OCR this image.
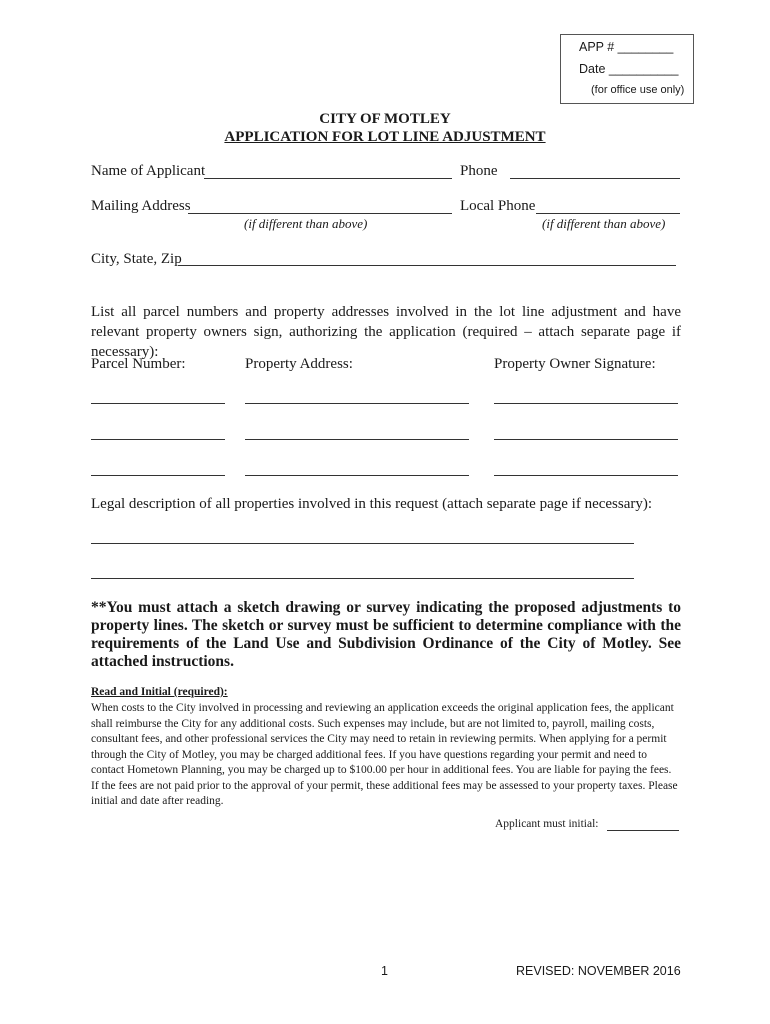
APP # ________
Date __________
(for office use only)
CITY OF MOTLEY
APPLICATION FOR LOT LINE ADJUSTMENT
Name of Applicant	Phone
Mailing Address	Local Phone
(if different than above)	(if different than above)
City, State, Zip
List all parcel numbers and property addresses involved in the lot line adjustment and have relevant property owners sign, authorizing the application (required – attach separate page if necessary):
Parcel Number:	Property Address:	Property Owner Signature:
Legal description of all properties involved in this request (attach separate page if necessary):
**You must attach a sketch drawing or survey indicating the proposed adjustments to property lines. The sketch or survey must be sufficient to determine compliance with the requirements of the Land Use and Subdivision Ordinance of the City of Motley. See attached instructions.
Read and Initial (required):
When costs to the City involved in processing and reviewing an application exceeds the original application fees, the applicant shall reimburse the City for any additional costs. Such expenses may include, but are not limited to, payroll, mailing costs, consultant fees, and other professional services the City may need to retain in reviewing permits. When applying for a permit through the City of Motley, you may be charged additional fees. If you have questions regarding your permit and need to contact Hometown Planning, you may be charged up to $100.00 per hour in additional fees. You are liable for paying the fees. If the fees are not paid prior to the approval of your permit, these additional fees may be assessed to your property taxes. Please initial and date after reading.
Applicant must initial:
1	REVISED: NOVEMBER 2016
